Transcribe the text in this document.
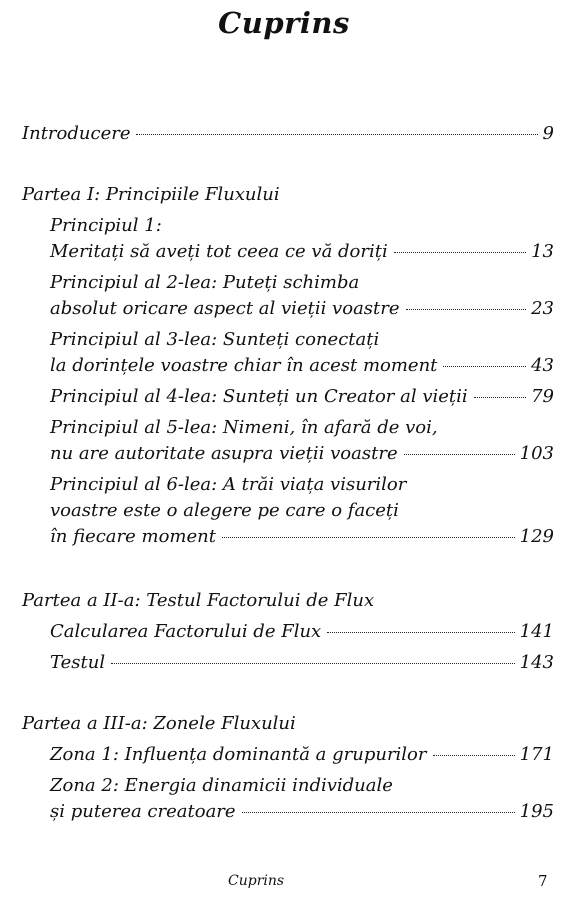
Cuprins
Introducere	9
Partea I: Principiile Fluxului
Principiul 1:
Meritați să aveți tot ceea ce vă doriți	13
Principiul al 2-lea: Puteți schimba
absolut oricare aspect al vieții voastre	23
Principiul al 3-lea: Sunteți conectați
la dorințele voastre chiar în acest moment	43
Principiul al 4-lea: Sunteți un Creator al vieții	79
Principiul al 5-lea: Nimeni, în afară de voi,
nu are autoritate asupra vieții voastre	103
Principiul al 6-lea: A trăi viața visurilor
voastre este o alegere pe care o faceți
în fiecare moment	129
Partea a II-a: Testul Factorului de Flux
Calcularea Factorului de Flux	141
Testul	143
Partea a III-a: Zonele Fluxului
Zona 1: Influența dominantă a grupurilor	171
Zona 2: Energia dinamicii individuale
și puterea creatoare	195
Cuprins	7
